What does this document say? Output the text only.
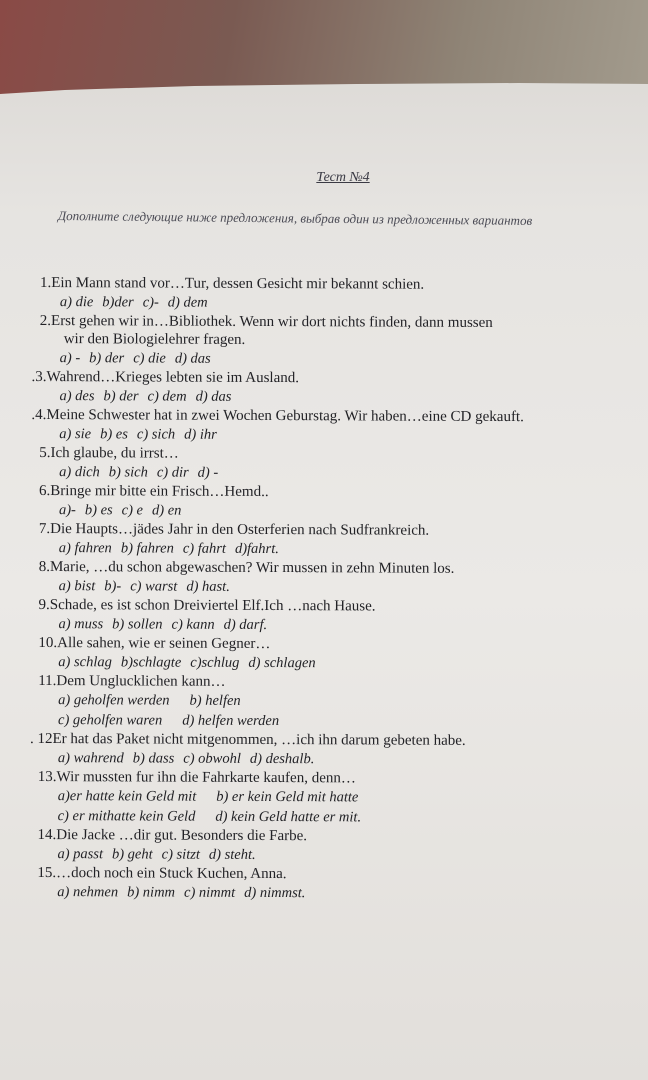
Тест №4
Дополните следующие ниже предложения, выбрав один из предложенных вариантов
1.Ein Mann stand vor…Tur, dessen Gesicht mir bekannt schien.
a) die b)der c)- d) dem
2.Erst gehen wir in…Bibliothek. Wenn wir dort nichts finden, dann mussen
wir den Biologielehrer fragen.
a) - b) der c) die d) das
.3.Wahrend…Krieges lebten sie im Ausland.
a) des b) der c) dem d) das
.4.Meine Schwester hat in zwei Wochen Geburstag. Wir haben…eine CD gekauft.
a) sie b) es c) sich d) ihr
5.Ich glaube, du irrst…
a) dich b) sich c) dir d) -
6.Bringe mir bitte ein Frisch…Hemd..
a)- b) es c) e d) en
7.Die Haupts…jädes Jahr in den Osterferien nach Sudfrankreich.
a) fahren b) fahren c) fahrt d)fahrt.
8.Marie, …du schon abgewaschen? Wir mussen in zehn Minuten los.
a) bist b)- c) warst d) hast.
9.Schade, es ist schon Dreiviertel Elf.Ich …nach Hause.
a) muss b) sollen c) kann d) darf.
10.Alle sahen, wie er seinen Gegner…
a) schlag b)schlagte c)schlug d) schlagen
11.Dem Unglucklichen kann…
a) geholfen werden b) helfen
c) geholfen waren d) helfen werden
. 12Er hat das Paket nicht mitgenommen, …ich ihn darum gebeten habe.
a) wahrend b) dass c) obwohl d) deshalb.
13.Wir mussten fur ihn die Fahrkarte kaufen, denn…
a)er hatte kein Geld mit b) er kein Geld mit hatte
c) er mithatte kein Geld d) kein Geld hatte er mit.
14.Die Jacke …dir gut. Besonders die Farbe.
a) passt b) geht c) sitzt d) steht.
15.…doch noch ein Stuck Kuchen, Anna.
a) nehmen b) nimm c) nimmt d) nimmst.
